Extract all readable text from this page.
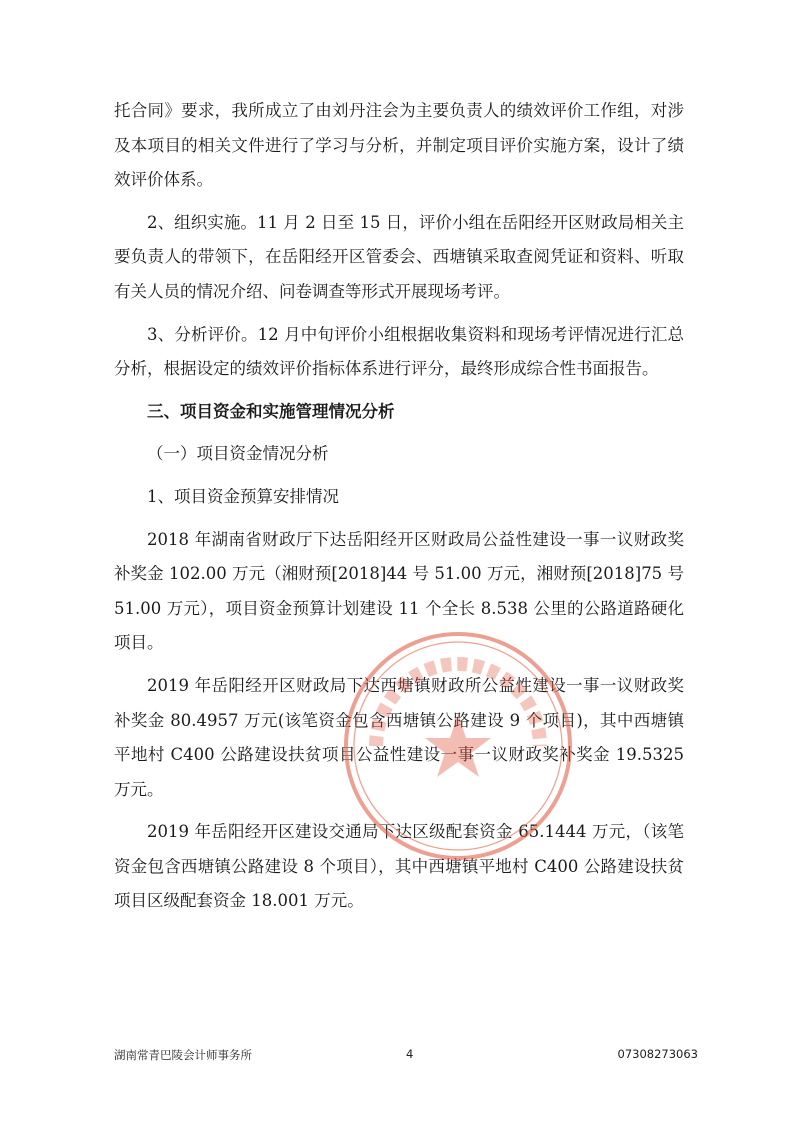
托合同》要求，我所成立了由刘丹注会为主要负责人的绩效评价工作组，对涉及本项目的相关文件进行了学习与分析，并制定项目评价实施方案，设计了绩效评价体系。

2、组织实施。11 月 2 日至 15 日，评价小组在岳阳经开区财政局相关主要负责人的带领下，在岳阳经开区管委会、西塘镇采取查阅凭证和资料、听取有关人员的情况介绍、问卷调查等形式开展现场考评。

3、分析评价。12 月中旬评价小组根据收集资料和现场考评情况进行汇总分析，根据设定的绩效评价指标体系进行评分，最终形成综合性书面报告。

三、项目资金和实施管理情况分析

（一）项目资金情况分析

1、项目资金预算安排情况

2018 年湖南省财政厅下达岳阳经开区财政局公益性建设一事一议财政奖补奖金 102.00 万元（湘财预[2018]44 号 51.00 万元，湘财预[2018]75 号 51.00 万元），项目资金预算计划建设 11 个全长 8.538 公里的公路道路硬化项目。

2019 年岳阳经开区财政局下达西塘镇财政所公益性建设一事一议财政奖补奖金 80.4957 万元(该笔资金包含西塘镇公路建设 9 个项目)，其中西塘镇平地村 C400 公路建设扶贫项目公益性建设一事一议财政奖补奖金 19.5325 万元。

2019 年岳阳经开区建设交通局下达区级配套资金 65.1444 万元，（该笔资金包含西塘镇公路建设 8 个项目），其中西塘镇平地村 C400 公路建设扶贫项目区级配套资金 18.001 万元。

湖南常青巴陵会计师事务所	4	07308273063
